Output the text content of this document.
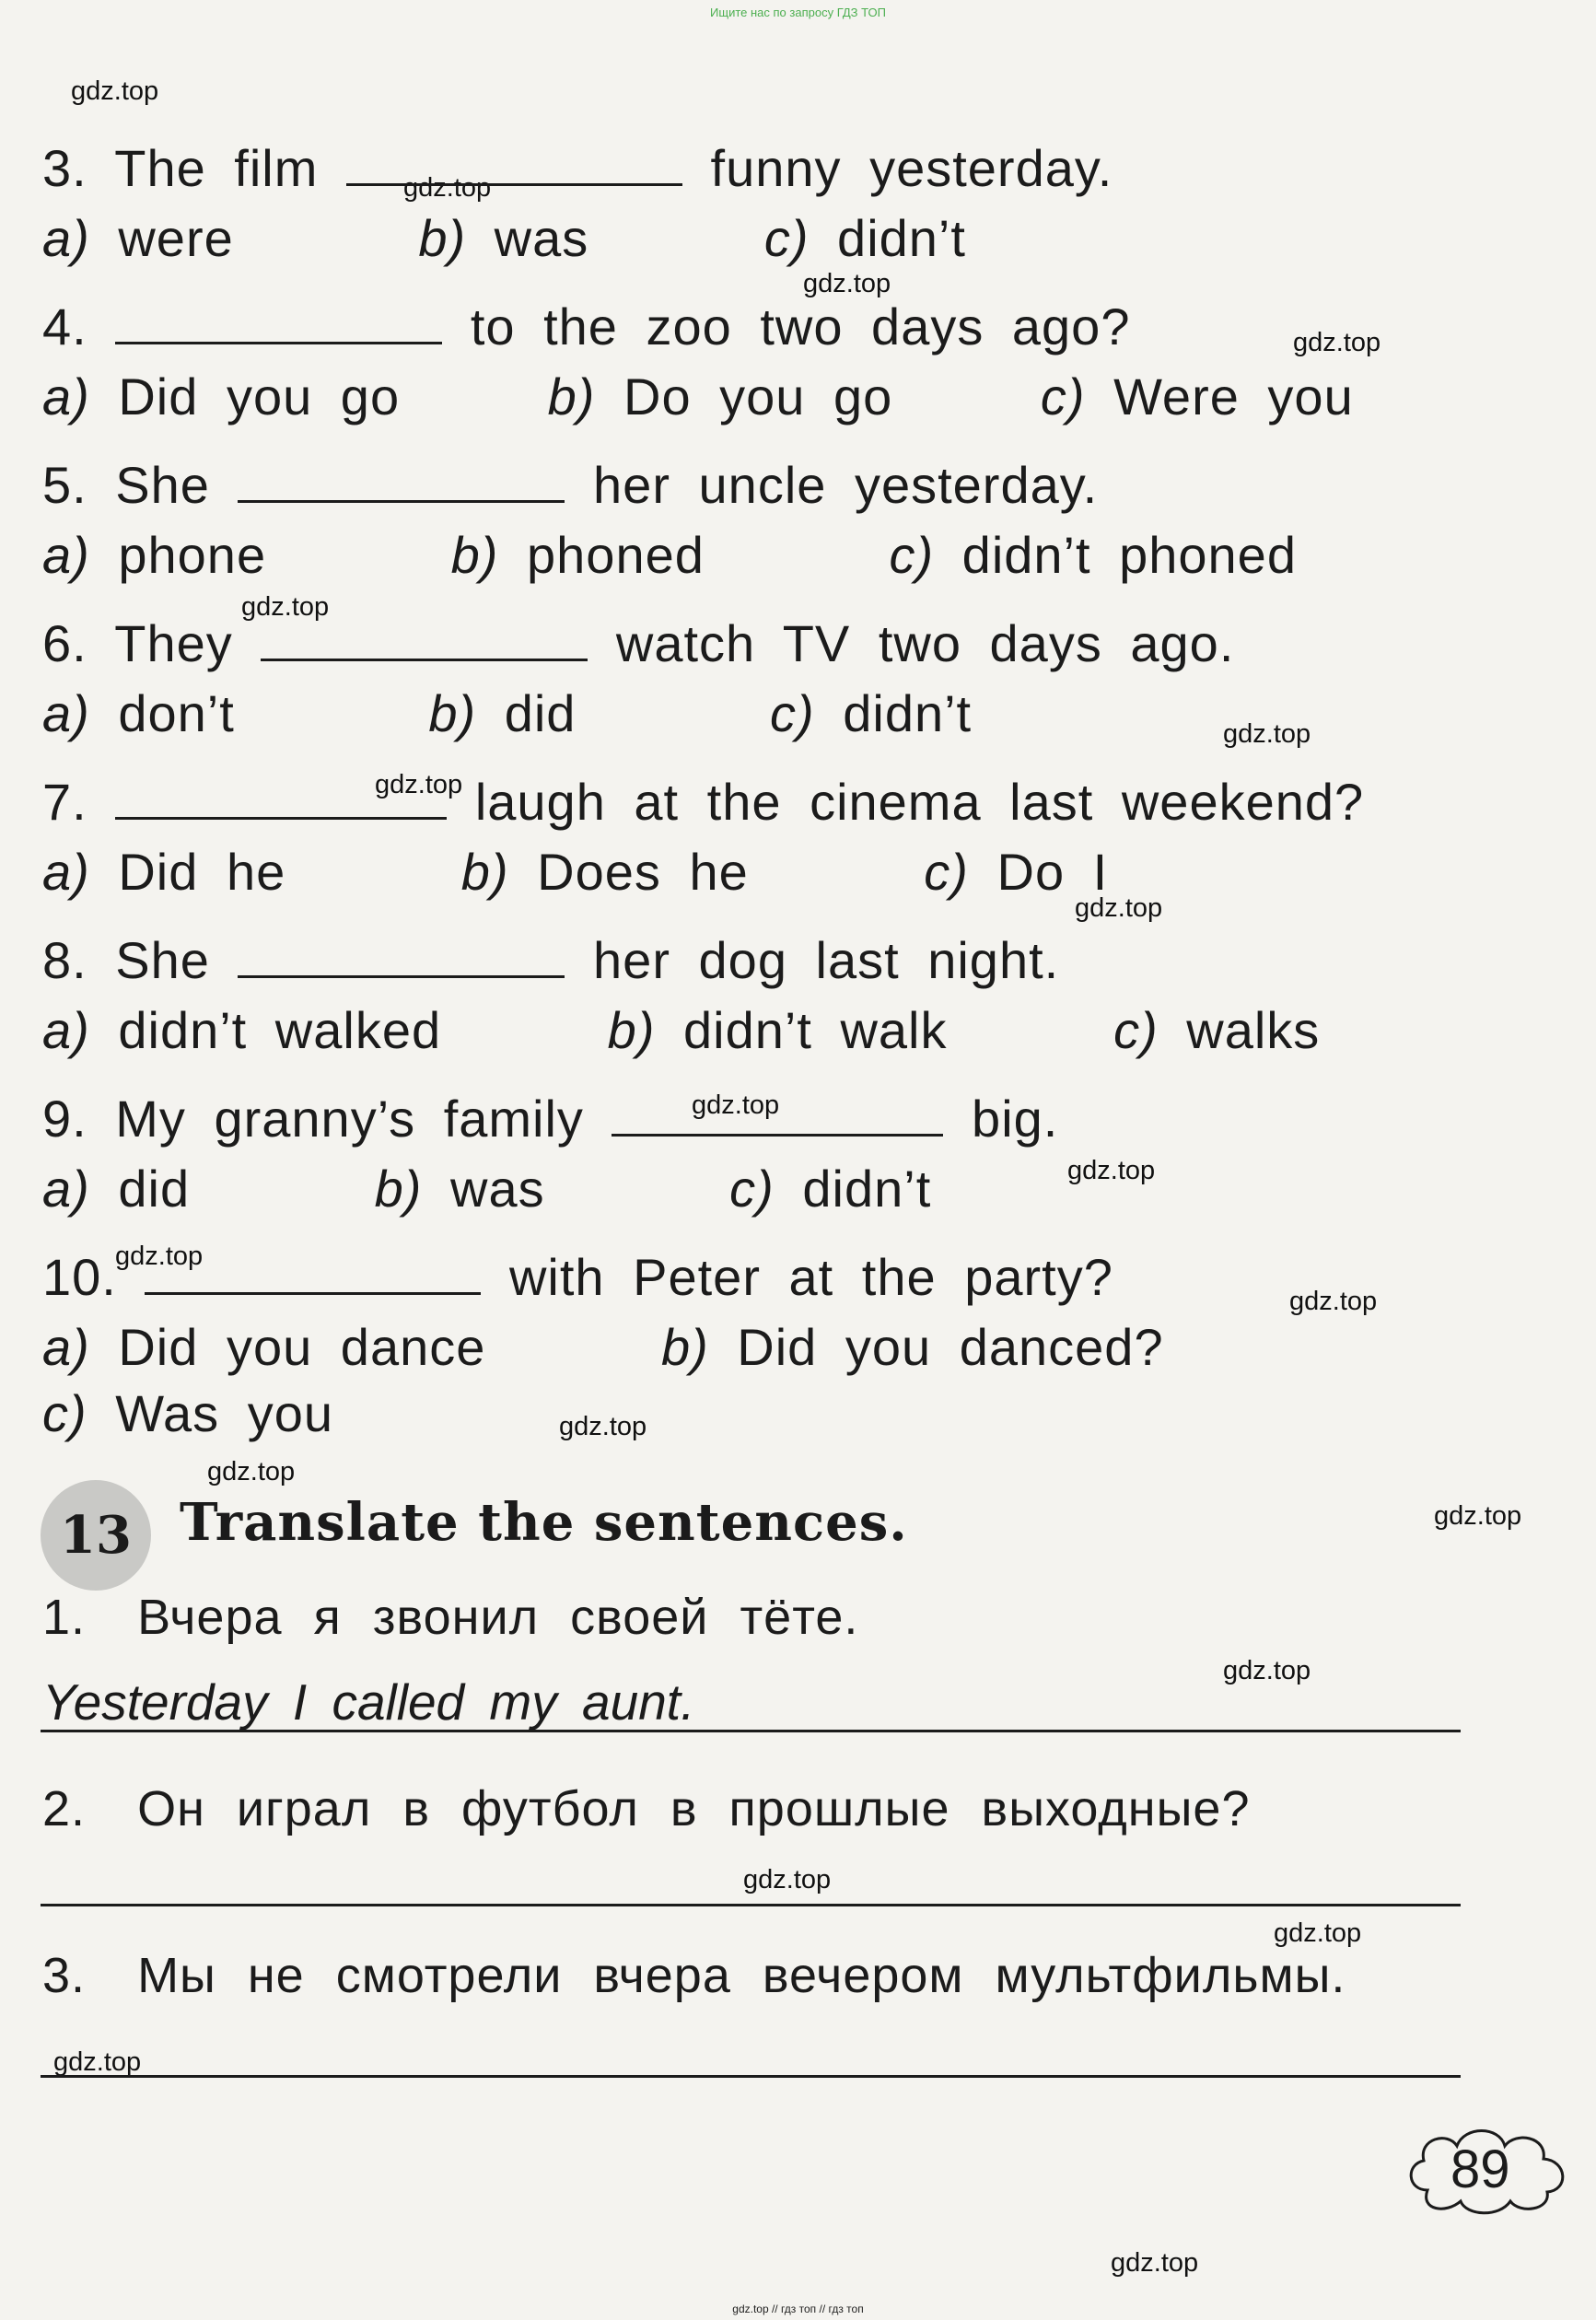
Ищите нас по запросу ГДЗ ТОП
gdz.top // гдз топ // гдз топ
gdz.top
gdz.top
gdz.top
gdz.top
gdz.top
gdz.top
gdz.top
gdz.top
gdz.top
gdz.top
gdz.top
gdz.top
gdz.top
gdz.top
gdz.top
gdz.top
gdz.top
gdz.top
gdz.top
gdz.top
3. The film	funny yesterday.
a) were	b) was	c) didn’t
4.	to the zoo two days ago?
a) Did you go	b) Do you go	c) Were you
5. She	her uncle yesterday.
a) phone	b) phoned	c) didn’t phoned
6. They	watch TV two days ago.
a) don’t	b) did	c) didn’t
7.	laugh at the cinema last weekend?
a) Did he	b) Does he	c) Do I
8. She	her dog last night.
a) didn’t walked	b) didn’t walk	c) walks
9. My granny’s family	big.
a) did	b) was	c) didn’t
10.	with Peter at the party?
a) Did you dance	b) Did you danced?
c) Was you
13 Translate the sentences.
1. Вчера я звонил своей тёте.
Yesterday I called my aunt.
2. Он играл в футбол в прошлые выходные?
3. Мы не смотрели вчера вечером мультфильмы.
89
